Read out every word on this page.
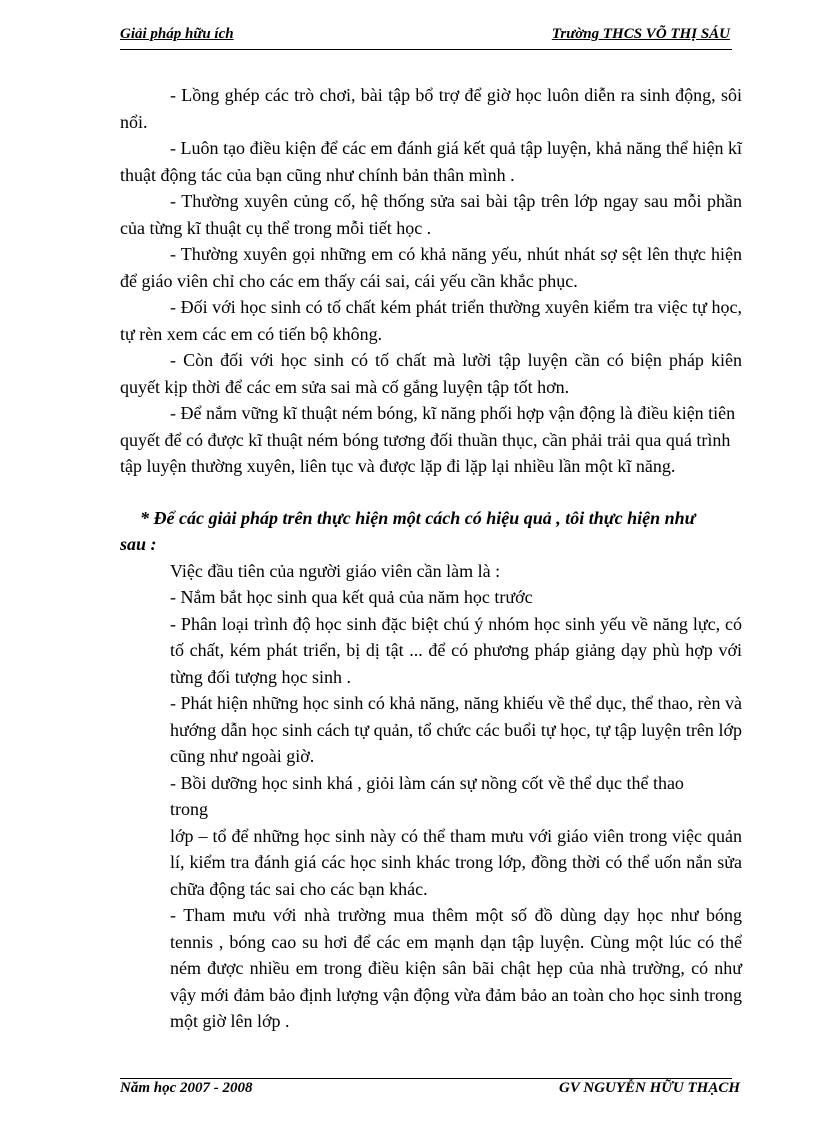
Giải pháp hữu ích	Trường THCS VÕ THỊ SÁU

- Lồng ghép các trò chơi, bài tập bổ trợ để giờ học luôn diễn ra sinh động, sôi nổi.

- Luôn tạo điều kiện để các em đánh giá kết quả tập luyện, khả năng thể hiện kĩ thuật động tác của bạn cũng như chính bản thân mình .

- Thường xuyên củng cố, hệ thống sửa sai bài tập trên lớp ngay sau mỗi phần của từng kĩ thuật cụ thể trong mỗi tiết học .

- Thường xuyên gọi những em có khả năng yếu, nhút nhát sợ sệt lên thực hiện để giáo viên chỉ cho các em thấy cái sai, cái yếu cần khắc phục.

- Đối với học sinh có tố chất kém phát triển thường xuyên kiểm tra việc tự học, tự rèn xem các em có tiến bộ không.

- Còn đối với học sinh có tố chất mà lười tập luyện cần có biện pháp kiên quyết kịp thời để các em sửa sai mà cố gắng luyện tập tốt hơn.

- Để nắm vững kĩ thuật ném bóng, kĩ năng phối hợp vận động là điều kiện tiên quyết để có được kĩ thuật ném bóng tương đối thuần thục, cần phải trải qua quá trình tập luyện thường xuyên, liên tục và được lặp đi lặp lại nhiều lần một kĩ năng.

* Để các giải pháp trên thực hiện một cách có hiệu quả , tôi thực hiện như

sau :

Việc đầu tiên của người giáo viên cần làm là :

- Nắm bắt học sinh qua kết quả của năm học trước

- Phân loại trình độ học sinh đặc biệt chú ý nhóm học sinh yếu về năng lực, có tố chất, kém phát triển, bị dị tật ... để có phương pháp giảng dạy phù hợp với từng đối tượng học sinh .

- Phát hiện những học sinh có khả năng, năng khiếu về thể dục, thể thao, rèn và hướng dẫn học sinh cách tự quản, tổ chức các buổi tự học, tự tập luyện trên lớp cũng như ngoài giờ.

- Bồi dưỡng học sinh khá , giỏi làm cán sự nồng cốt về thể dục thể thao

trong

lớp – tổ để những học sinh này có thể tham mưu với giáo viên trong việc quản lí, kiểm tra đánh giá các học sinh khác trong lớp, đồng thời có thể uốn nắn sửa chữa động tác sai cho các bạn khác.

- Tham mưu với nhà trường mua thêm một số đồ dùng dạy học như bóng tennis , bóng cao su hơi để các em mạnh dạn tập luyện. Cùng một lúc có thể ném được nhiều em trong điều kiện sân bãi chật hẹp của nhà trường, có như vậy mới đảm bảo định lượng vận động vừa đảm bảo an toàn cho học sinh trong một giờ lên lớp .

Năm học 2007 - 2008	GV NGUYỄN HỮU THẠCH
